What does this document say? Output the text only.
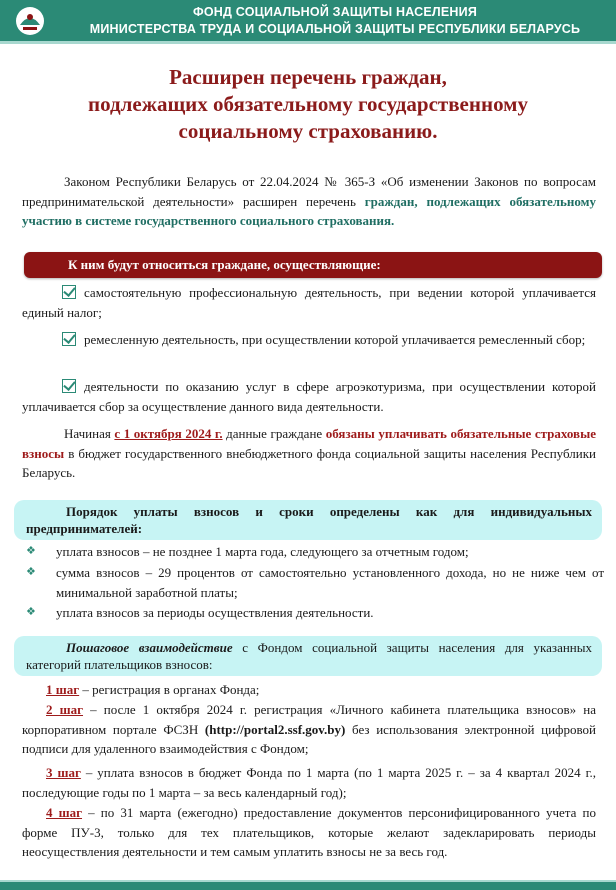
ФОНД СОЦИАЛЬНОЙ ЗАЩИТЫ НАСЕЛЕНИЯ
МИНИСТЕРСТВА ТРУДА И СОЦИАЛЬНОЙ ЗАЩИТЫ РЕСПУБЛИКИ БЕЛАРУСЬ
Расширен перечень граждан,
подлежащих обязательному государственному
социальному страхованию.
Законом Республики Беларусь от 22.04.2024 № 365-З «Об изменении Законов по вопросам предпринимательской деятельности» расширен перечень граждан, подлежащих обязательному участию в системе государственного социального страхования.
К ним будут относиться граждане, осуществляющие:
самостоятельную профессиональную деятельность, при ведении которой уплачивается единый налог;
ремесленную деятельность, при осуществлении которой уплачивается ремесленный сбор;
деятельности по оказанию услуг в сфере агроэкотуризма, при осуществлении которой уплачивается сбор за осуществление данного вида деятельности.
Начиная с 1 октября 2024 г. данные граждане обязаны уплачивать обязательные страховые взносы в бюджет государственного внебюджетного фонда социальной защиты населения Республики Беларусь.
Порядок уплаты взносов и сроки определены как для индивидуальных предпринимателей:
❖ уплата взносов – не позднее 1 марта года, следующего за отчетным годом;
❖ сумма взносов – 29 процентов от самостоятельно установленного дохода, но не ниже чем от минимальной заработной платы;
❖ уплата взносов за периоды осуществления деятельности.
Пошаговое взаимодействие с Фондом социальной защиты населения для указанных категорий плательщиков взносов:
1 шаг – регистрация в органах Фонда;
2 шаг – после 1 октября 2024 г. регистрация «Личного кабинета плательщика взносов» на корпоративном портале ФСЗН (http://portal2.ssf.gov.by) без использования электронной цифровой подписи для удаленного взаимодействия с Фондом;
3 шаг – уплата взносов в бюджет Фонда по 1 марта (по 1 марта 2025 г. – за 4 квартал 2024 г., последующие годы по 1 марта – за весь календарный год);
4 шаг – по 31 марта (ежегодно) предоставление документов персонифицированного учета по форме ПУ-3, только для тех плательщиков, которые желают задекларировать периоды неосуществления деятельности и тем самым уплатить взносы не за весь год.
